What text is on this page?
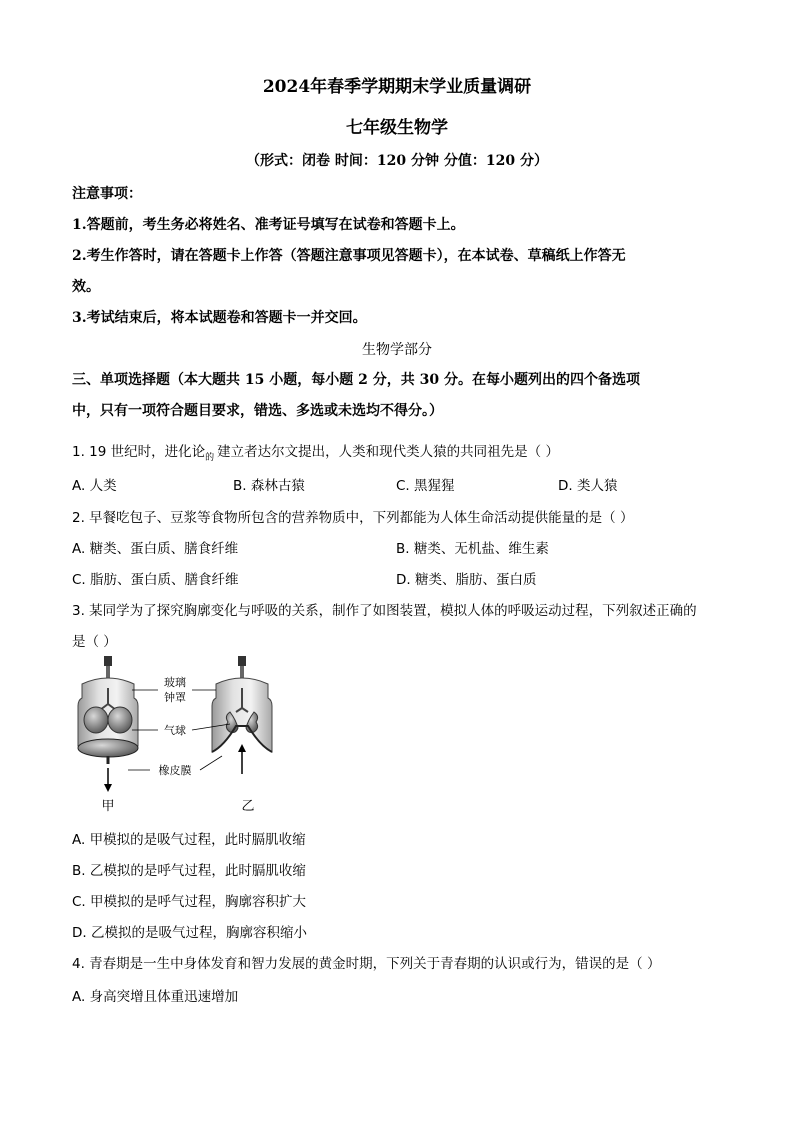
2024年春季学期期末学业质量调研
七年级生物学
（形式：闭卷 时间：120 分钟 分值：120 分）
注意事项：
1.答题前，考生务必将姓名、准考证号填写在试卷和答题卡上。
2.考生作答时，请在答题卡上作答（答题注意事项见答题卡），在本试卷、草稿纸上作答无
效。
3.考试结束后，将本试题卷和答题卡一并交回。
生物学部分
三、单项选择题（本大题共 15 小题，每小题 2 分，共 30 分。在每小题列出的四个备选项
中，只有一项符合题目要求，错选、多选或未选均不得分。）
1. 19 世纪时，进化论 的 建立者达尔文提出，人类和现代类人猿的共同祖先是（ ）
A. 人类	B. 森林古猿	C. 黑猩猩	D. 类人猿
2. 早餐吃包子、豆浆等食物所包含的营养物质中，下列都能为人体生命活动提供能量的是（ ）
A. 糖类、蛋白质、膳食纤维	B. 糖类、无机盐、维生素
C. 脂肪、蛋白质、膳食纤维	D. 糖类、脂肪、蛋白质
3. 某同学为了探究胸廓变化与呼吸的关系，制作了如图装置，模拟人体的呼吸运动过程，下列叙述正确的
是（ ）
玻璃
钟罩
气球
橡皮膜
甲	乙
A. 甲模拟的是吸气过程，此时膈肌收缩
B. 乙模拟的是呼气过程，此时膈肌收缩
C. 甲模拟的是呼气过程，胸廓容积扩大
D. 乙模拟的是吸气过程，胸廓容积缩小
4. 青春期是一生中身体发育和智力发展的黄金时期，下列关于青春期的认识或行为，错误的是（ ）
A. 身高突增且体重迅速增加
